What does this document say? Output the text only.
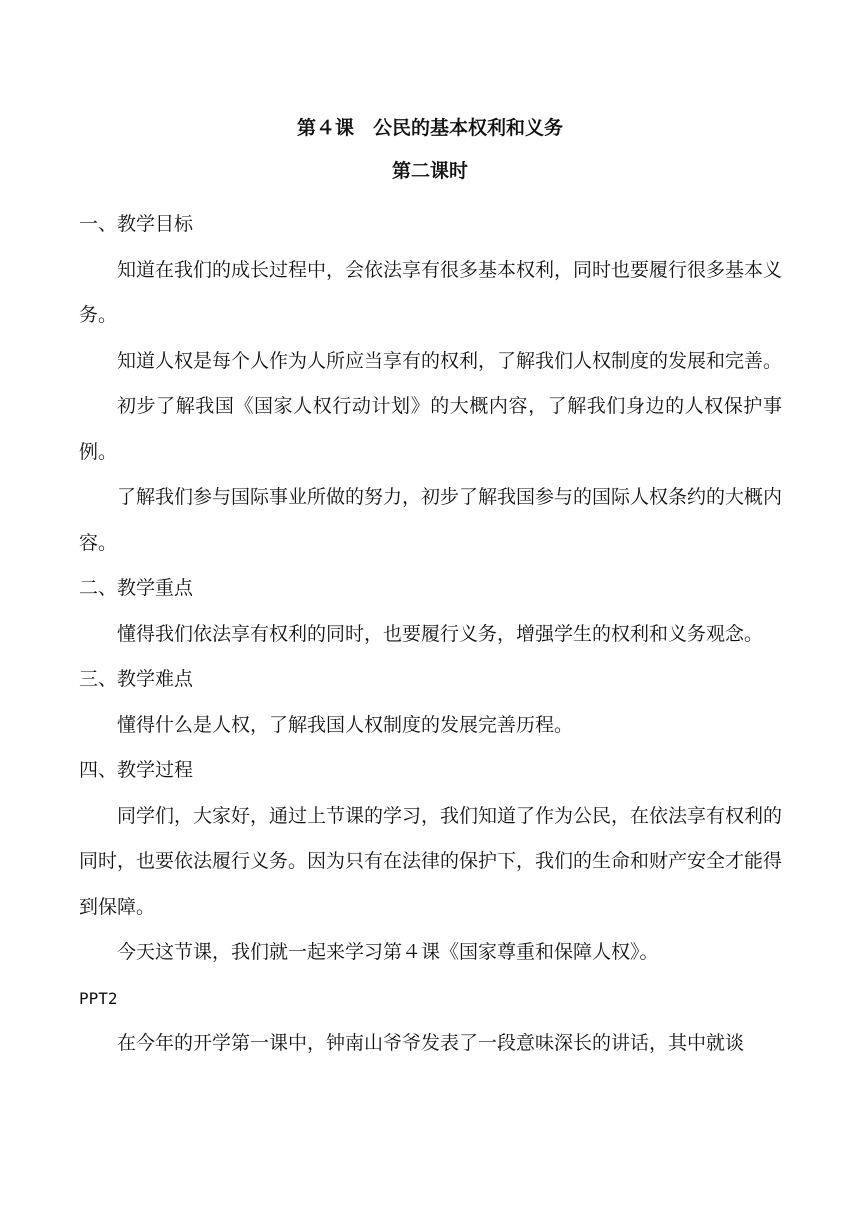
第４课　公民的基本权利和义务
第二课时

一、教学目标

知道在我们的成长过程中，会依法享有很多基本权利，同时也要履行很多基本义务。

知道人权是每个人作为人所应当享有的权利，了解我们人权制度的发展和完善。

初步了解我国《国家人权行动计划》的大概内容，了解我们身边的人权保护事例。

了解我们参与国际事业所做的努力，初步了解我国参与的国际人权条约的大概内容。

二、教学重点

懂得我们依法享有权利的同时，也要履行义务，增强学生的权利和义务观念。

三、教学难点

懂得什么是人权，了解我国人权制度的发展完善历程。

四、教学过程

同学们，大家好，通过上节课的学习，我们知道了作为公民，在依法享有权利的同时，也要依法履行义务。因为只有在法律的保护下，我们的生命和财产安全才能得到保障。

今天这节课，我们就一起来学习第４课《国家尊重和保障人权》。

PPT2

在今年的开学第一课中，钟南山爷爷发表了一段意味深长的讲话，其中就谈
